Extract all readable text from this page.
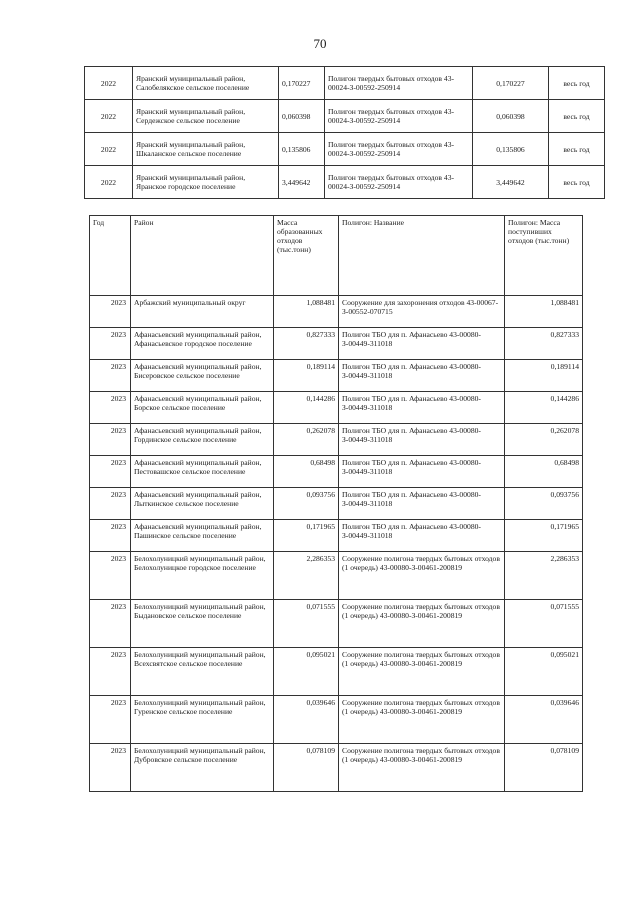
70
2022	Яранский муниципальный район, Салобелякское сельское поселение	0,170227	Полигон твердых бытовых отходов 43-00024-З-00592-250914	0,170227	весь год
2022	Яранский муниципальный район, Сердежское сельское поселение	0,060398	Полигон твердых бытовых отходов 43-00024-З-00592-250914	0,060398	весь год
2022	Яранский муниципальный район, Шкаланское сельское поселение	0,135806	Полигон твердых бытовых отходов 43-00024-З-00592-250914	0,135806	весь год
2022	Яранский муниципальный район, Яранское городское поселение	3,449642	Полигон твердых бытовых отходов 43-00024-З-00592-250914	3,449642	весь год
Год	Район	Масса образованных отходов (тыс.тонн)	Полигон: Название	Полигон: Масса поступивших отходов (тыс.тонн)
2023	Арбажский муниципальный округ	1,088481	Сооружение для захоронения отходов 43-00067-З-00552-070715	1,088481
2023	Афанасьевский муниципальный район, Афанасьевское городское поселение	0,827333	Полигон ТБО для п. Афанасьево 43-00080-З-00449-311018	0,827333
2023	Афанасьевский муниципальный район, Бисеровское сельское поселение	0,189114	Полигон ТБО для п. Афанасьево 43-00080-З-00449-311018	0,189114
2023	Афанасьевский муниципальный район, Борское сельское поселение	0,144286	Полигон ТБО для п. Афанасьево 43-00080-З-00449-311018	0,144286
2023	Афанасьевский муниципальный район, Гординское сельское поселение	0,262078	Полигон ТБО для п. Афанасьево 43-00080-З-00449-311018	0,262078
2023	Афанасьевский муниципальный район, Пестовашское сельское поселение	0,68498	Полигон ТБО для п. Афанасьево 43-00080-З-00449-311018	0,68498
2023	Афанасьевский муниципальный район, Лыткинское сельское поселение	0,093756	Полигон ТБО для п. Афанасьево 43-00080-З-00449-311018	0,093756
2023	Афанасьевский муниципальный район, Пашинское сельское поселение	0,171965	Полигон ТБО для п. Афанасьево 43-00080-З-00449-311018	0,171965
2023	Белохолуницкий муниципальный район, Белохолуницкое городское поселение	2,286353	Сооружение полигона твердых бытовых отходов (1 очередь) 43-00080-З-00461-200819	2,286353
2023	Белохолуницкий муниципальный район, Быдановское сельское поселение	0,071555	Сооружение полигона твердых бытовых отходов (1 очередь) 43-00080-З-00461-200819	0,071555
2023	Белохолуницкий муниципальный район, Всехсвятское сельское поселение	0,095021	Сооружение полигона твердых бытовых отходов (1 очередь) 43-00080-З-00461-200819	0,095021
2023	Белохолуницкий муниципальный район, Гуренское сельское поселение	0,039646	Сооружение полигона твердых бытовых отходов (1 очередь) 43-00080-З-00461-200819	0,039646
2023	Белохолуницкий муниципальный район, Дубровское сельское поселение	0,078109	Сооружение полигона твердых бытовых отходов (1 очередь) 43-00080-З-00461-200819	0,078109
